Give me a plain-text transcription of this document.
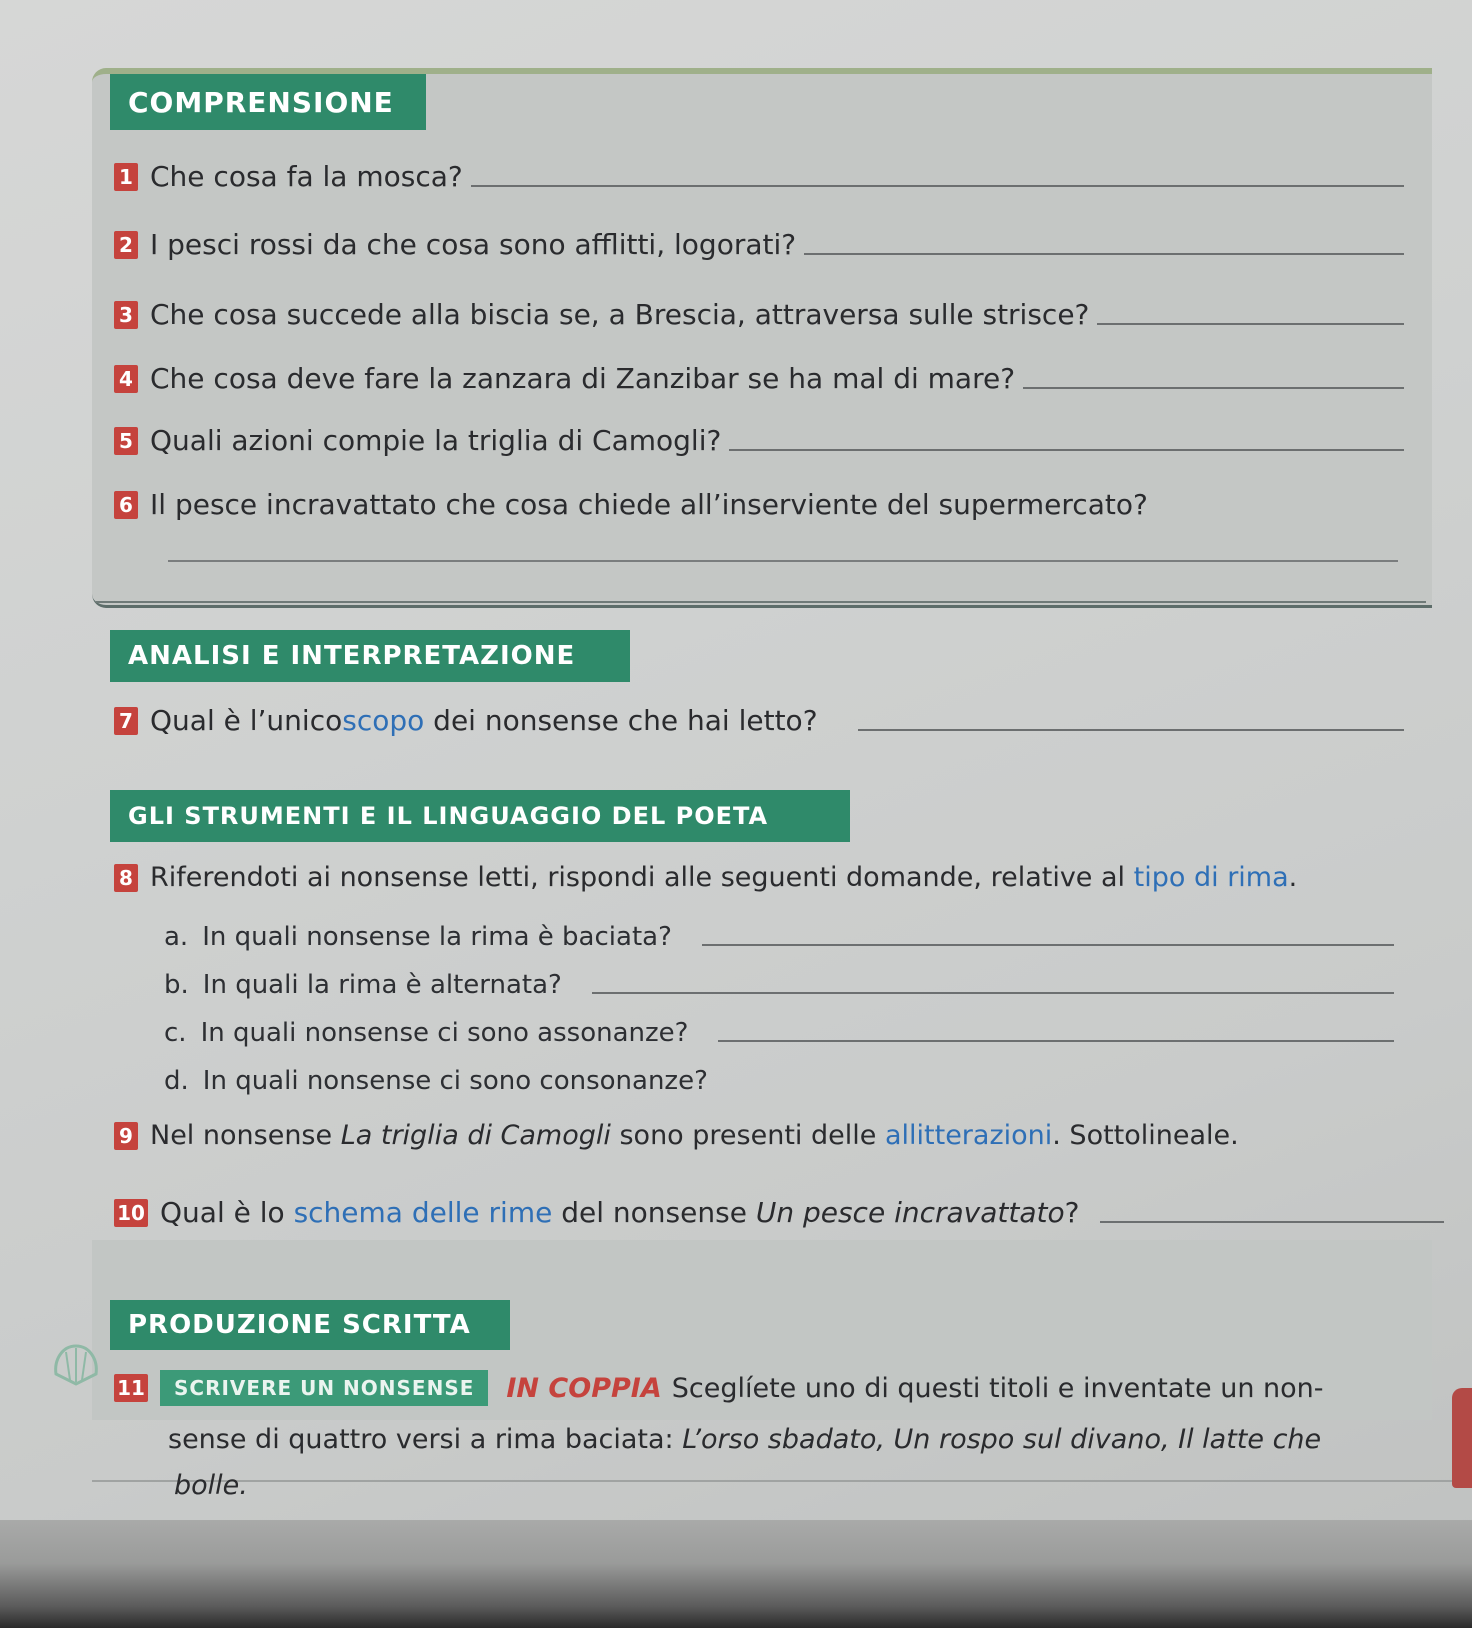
COMPRENSIONE
1 Che cosa fa la mosca?
2 I pesci rossi da che cosa sono afflitti, logorati?
3 Che cosa succede alla biscia se, a Brescia, attraversa sulle strisce?
4 Che cosa deve fare la zanzara di Zanzibar se ha mal di mare?
5 Quali azioni compie la triglia di Camogli?
6 Il pesce incravattato che cosa chiede all’inserviente del supermercato?
ANALISI E INTERPRETAZIONE
7 Qual è l’unico scopo dei nonsense che hai letto?
GLI STRUMENTI E IL LINGUAGGIO DEL POETA
8 Riferendoti ai nonsense letti, rispondi alle seguenti domande, relative al tipo di rima .
a. In quali nonsense la rima è baciata?
b. In quali la rima è alternata?
c. In quali nonsense ci sono assonanze?
d. In quali nonsense ci sono consonanze?
9 Nel nonsense La triglia di Camogli sono presenti delle allitterazioni . Sottolineale.
10 Qual è lo schema delle rime del nonsense Un pesce incravattato ?
PRODUZIONE SCRITTA
11	SCRIVERE UN NONSENSE	IN COPPIA Sceglíete uno di questi titoli e inventate un non-
sense di quattro versi a rima baciata: L’orso sbadato, Un rospo sul divano, Il latte che
bolle.
